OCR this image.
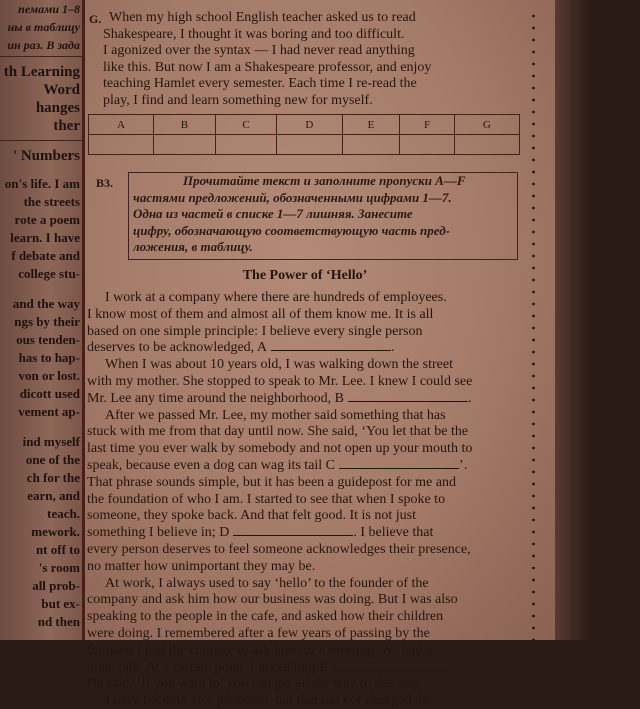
пемами 1–8
ны в таблицу
ин раз. В зада
th Learning
Word
hanges
ther
' Numbers
on's life. I am
the streets
rote a poem
learn. I have
f debate and
college stu-
and the way
ngs by their
ous tenden-
has to hap-
von or lost.
dicott used
vement ap-
ind myself
one of the
ch for the
earn, and
teach.
mework.
nt off to
's room
all prob-
but ex-
nd then
G. When my high school English teacher asked us to read
Shakespeare, I thought it was boring and too difficult.
I agonized over the syntax — I had never read anything
like this. But now I am a Shakespeare professor, and enjoy
teaching Hamlet every semester. Each time I re-read the
play, I find and learn something new for myself.
A	B	C	D	E	F	G

B3.	Прочитайте текст и заполните пропуски A—F
частями предложений, обозначенными цифрами 1—7.
Одна из частей в списке 1—7 лишняя. Занесите
цифру, обозначающую соответствующую часть пред-
ложения, в таблицу.
The Power of ‘Hello’
I work at a company where there are hundreds of employees.
I know most of them and almost all of them know me. It is all
based on one simple principle: I believe every single person
deserves to be acknowledged, A	.
When I was about 10 years old, I was walking down the street
with my mother. She stopped to speak to Mr. Lee. I knew I could see
Mr. Lee any time around the neighborhood, B	.
After we passed Mr. Lee, my mother said something that has
stuck with me from that day until now. She said, ‘You let that be the
last time you ever walk by somebody and not open up your mouth to
speak, because even a dog can wag its tail C	’.
That phrase sounds simple, but it has been a guidepost for me and
the foundation of who I am. I started to see that when I spoke to
someone, they spoke back. And that felt good. It is not just
something I believe in; D	. I believe that
every person deserves to feel someone acknowledges their presence,
no matter how unimportant they may be.
At work, I always used to say ‘hello’ to the founder of the
company and ask him how our business was doing. But I was also
speaking to the people in the cafe, and asked how their children
were doing. I remembered after a few years of passing by the
founder, I had the courage to ask him for a meeting. We had a
great talk. At a certain point, I asked him E	.
He said, ‘If you want to, you can get all the way to this seat.’
I have become vice president, but that has not changed the
